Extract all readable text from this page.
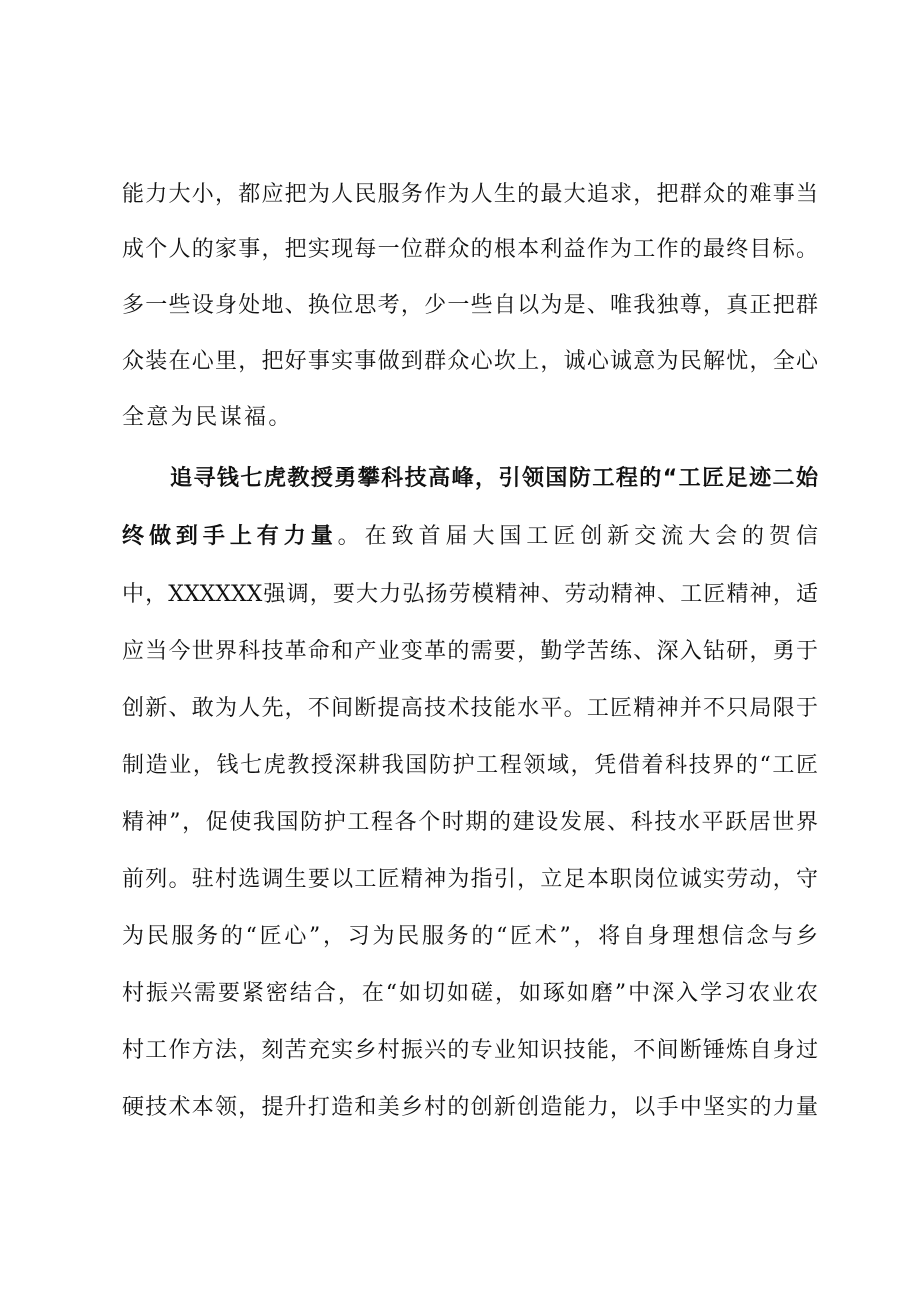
能力大小，都应把为人民服务作为人生的最大追求，把群众的难事当
成个人的家事，把实现每一位群众的根本利益作为工作的最终目标。
多一些设身处地、换位思考，少一些自以为是、唯我独尊，真正把群
众装在心里，把好事实事做到群众心坎上，诚心诚意为民解忧，全心
全意为民谋福。
追寻钱七虎教授勇攀科技高峰，引领国防工程的“工匠足迹二始
终做到手上有力量。在致首届大国工匠创新交流大会的贺信
中，XXXXXX强调，要大力弘扬劳模精神、劳动精神、工匠精神，适
应当今世界科技革命和产业变革的需要，勤学苦练、深入钻研，勇于
创新、敢为人先，不间断提高技术技能水平。工匠精神并不只局限于
制造业，钱七虎教授深耕我国防护工程领域，凭借着科技界的“工匠
精神”，促使我国防护工程各个时期的建设发展、科技水平跃居世界
前列。驻村选调生要以工匠精神为指引，立足本职岗位诚实劳动，守
为民服务的“匠心”，习为民服务的“匠术”，将自身理想信念与乡
村振兴需要紧密结合，在“如切如磋，如琢如磨”中深入学习农业农
村工作方法，刻苦充实乡村振兴的专业知识技能，不间断锤炼自身过
硬技术本领，提升打造和美乡村的创新创造能力，以手中坚实的力量
